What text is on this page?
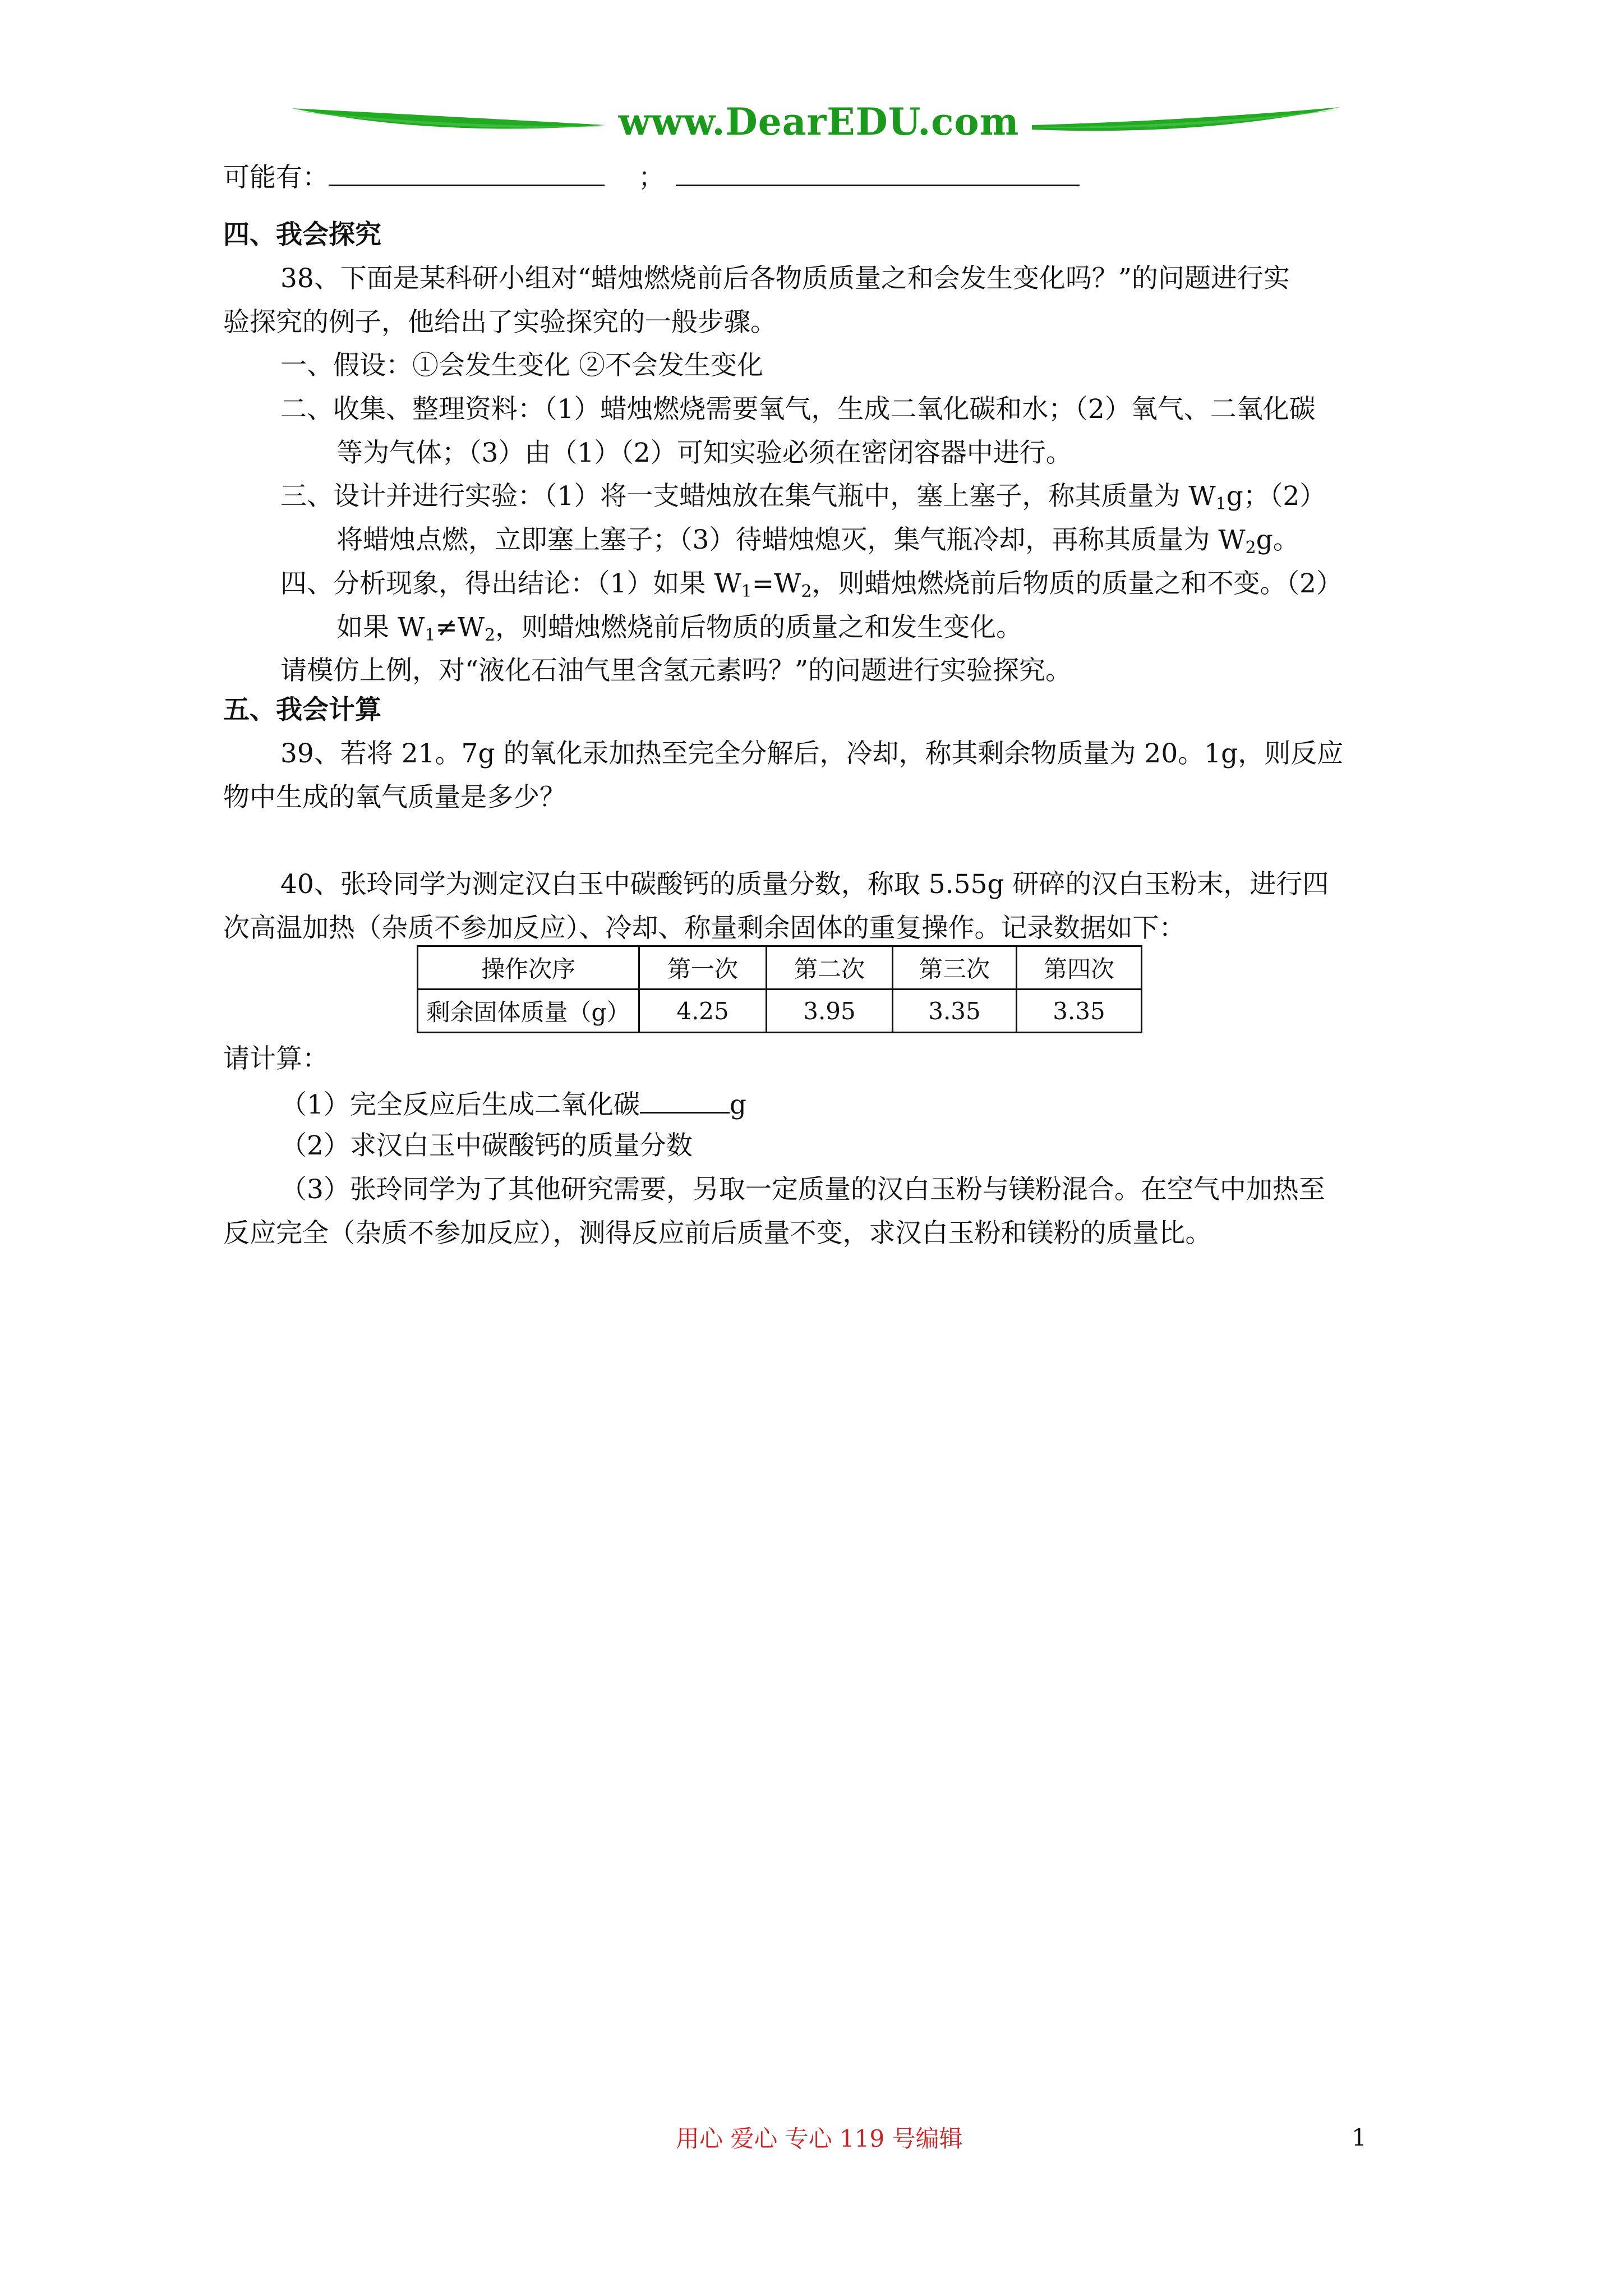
www.DearEDU.com
可能有：	；
四、我会探究
38、下面是某科研小组对“蜡烛燃烧前后各物质质量之和会发生变化吗？”的问题进行实
验探究的例子，他给出了实验探究的一般步骤。
一、假设：①会发生变化 ②不会发生变化
二、收集、整理资料：（1）蜡烛燃烧需要氧气，生成二氧化碳和水；（2）氧气、二氧化碳
等为气体；（3）由（1）（2）可知实验必须在密闭容器中进行。
三、设计并进行实验：（1）将一支蜡烛放在集气瓶中，塞上塞子，称其质量为 $W_1g$；（2）
将蜡烛点燃，立即塞上塞子；（3）待蜡烛熄灭，集气瓶冷却，再称其质量为 $W_2g$。
四、分析现象，得出结论：（1）如果 $W_1=W_2$，则蜡烛燃烧前后物质的质量之和不变。（2）
如果 $W_1\ne W_2$，则蜡烛燃烧前后物质的质量之和发生变化。
请模仿上例，对“液化石油气里含氢元素吗？”的问题进行实验探究。
五、我会计算
39、若将 21。7g 的氧化汞加热至完全分解后，冷却，称其剩余物质量为 20。1g，则反应
物中生成的氧气质量是多少？
40、张玲同学为测定汉白玉中碳酸钙的质量分数，称取 5.55g 研碎的汉白玉粉末，进行四
次高温加热（杂质不参加反应）、冷却、称量剩余固体的重复操作。记录数据如下：
操作次序	第一次	第二次	第三次	第四次
剩余固体质量（g）	4.25	3.95	3.35	3.35
请计算：
（1）完全反应后生成二氧化碳	g
（2）求汉白玉中碳酸钙的质量分数
（3）张玲同学为了其他研究需要，另取一定质量的汉白玉粉与镁粉混合。在空气中加热至
反应完全（杂质不参加反应），测得反应前后质量不变，求汉白玉粉和镁粉的质量比。
用心 爱心 专心 119 号编辑	1
